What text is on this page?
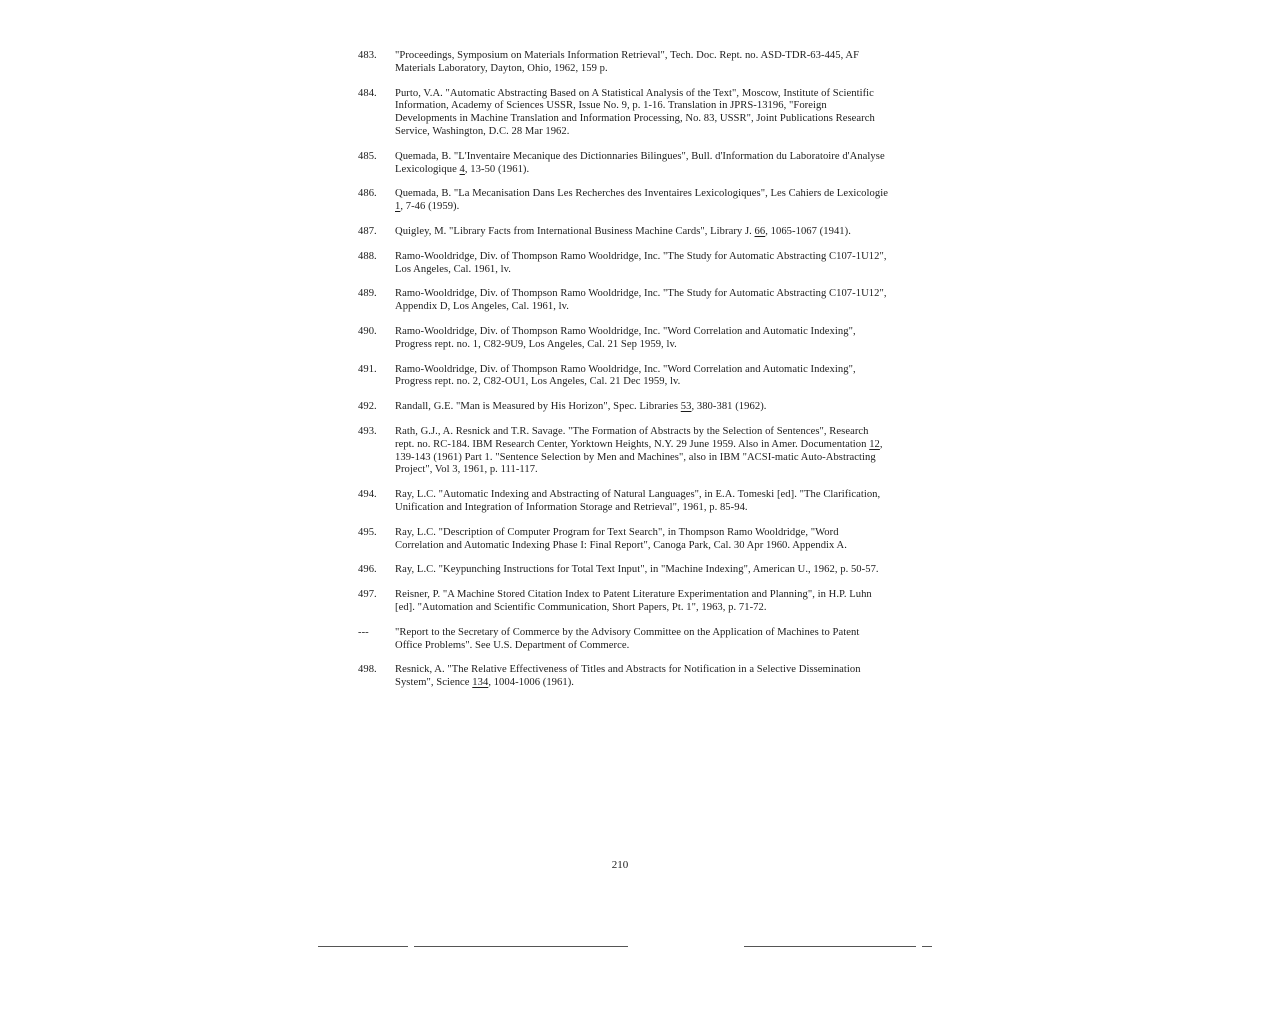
483.	"Proceedings, Symposium on Materials Information Retrieval", Tech. Doc. Rept. no. ASD-TDR-63-445, AF Materials Laboratory, Dayton, Ohio, 1962, 159 p.
484.	Purto, V.A. "Automatic Abstracting Based on A Statistical Analysis of the Text", Moscow, Institute of Scientific Information, Academy of Sciences USSR, Issue No. 9, p. 1-16. Translation in JPRS-13196, "Foreign Developments in Machine Translation and Information Processing, No. 83, USSR", Joint Publications Research Service, Washington, D.C. 28 Mar 1962.
485.	Quemada, B. "L'Inventaire Mecanique des Dictionnaries Bilingues", Bull. d'Information du Laboratoire d'Analyse Lexicologique 4, 13-50 (1961).
486.	Quemada, B. "La Mecanisation Dans Les Recherches des Inventaires Lexicologiques", Les Cahiers de Lexicologie 1, 7-46 (1959).
487.	Quigley, M. "Library Facts from International Business Machine Cards", Library J. 66, 1065-1067 (1941).
488.	Ramo-Wooldridge, Div. of Thompson Ramo Wooldridge, Inc. "The Study for Automatic Abstracting C107-1U12", Los Angeles, Cal. 1961, lv.
489.	Ramo-Wooldridge, Div. of Thompson Ramo Wooldridge, Inc. "The Study for Automatic Abstracting C107-1U12", Appendix D, Los Angeles, Cal. 1961, lv.
490.	Ramo-Wooldridge, Div. of Thompson Ramo Wooldridge, Inc. "Word Correlation and Automatic Indexing", Progress rept. no. 1, C82-9U9, Los Angeles, Cal. 21 Sep 1959, lv.
491.	Ramo-Wooldridge, Div. of Thompson Ramo Wooldridge, Inc. "Word Correlation and Automatic Indexing", Progress rept. no. 2, C82-OU1, Los Angeles, Cal. 21 Dec 1959, lv.
492.	Randall, G.E. "Man is Measured by His Horizon", Spec. Libraries 53, 380-381 (1962).
493.	Rath, G.J., A. Resnick and T.R. Savage. "The Formation of Abstracts by the Selection of Sentences", Research rept. no. RC-184. IBM Research Center, Yorktown Heights, N.Y. 29 June 1959. Also in Amer. Documentation 12, 139-143 (1961) Part 1. "Sentence Selection by Men and Machines", also in IBM "ACSI-matic Auto-Abstracting Project", Vol 3, 1961, p. 111-117.
494.	Ray, L.C. "Automatic Indexing and Abstracting of Natural Languages", in E.A. Tomeski [ed]. "The Clarification, Unification and Integration of Information Storage and Retrieval", 1961, p. 85-94.
495.	Ray, L.C. "Description of Computer Program for Text Search", in Thompson Ramo Wooldridge, "Word Correlation and Automatic Indexing Phase I: Final Report", Canoga Park, Cal. 30 Apr 1960. Appendix A.
496.	Ray, L.C. "Keypunching Instructions for Total Text Input", in "Machine Indexing", American U., 1962, p. 50-57.
497.	Reisner, P. "A Machine Stored Citation Index to Patent Literature Experimentation and Planning", in H.P. Luhn [ed]. "Automation and Scientific Communication, Short Papers, Pt. 1", 1963, p. 71-72.
---	"Report to the Secretary of Commerce by the Advisory Committee on the Application of Machines to Patent Office Problems". See U.S. Department of Commerce.
498.	Resnick, A. "The Relative Effectiveness of Titles and Abstracts for Notification in a Selective Dissemination System", Science 134, 1004-1006 (1961).
210
